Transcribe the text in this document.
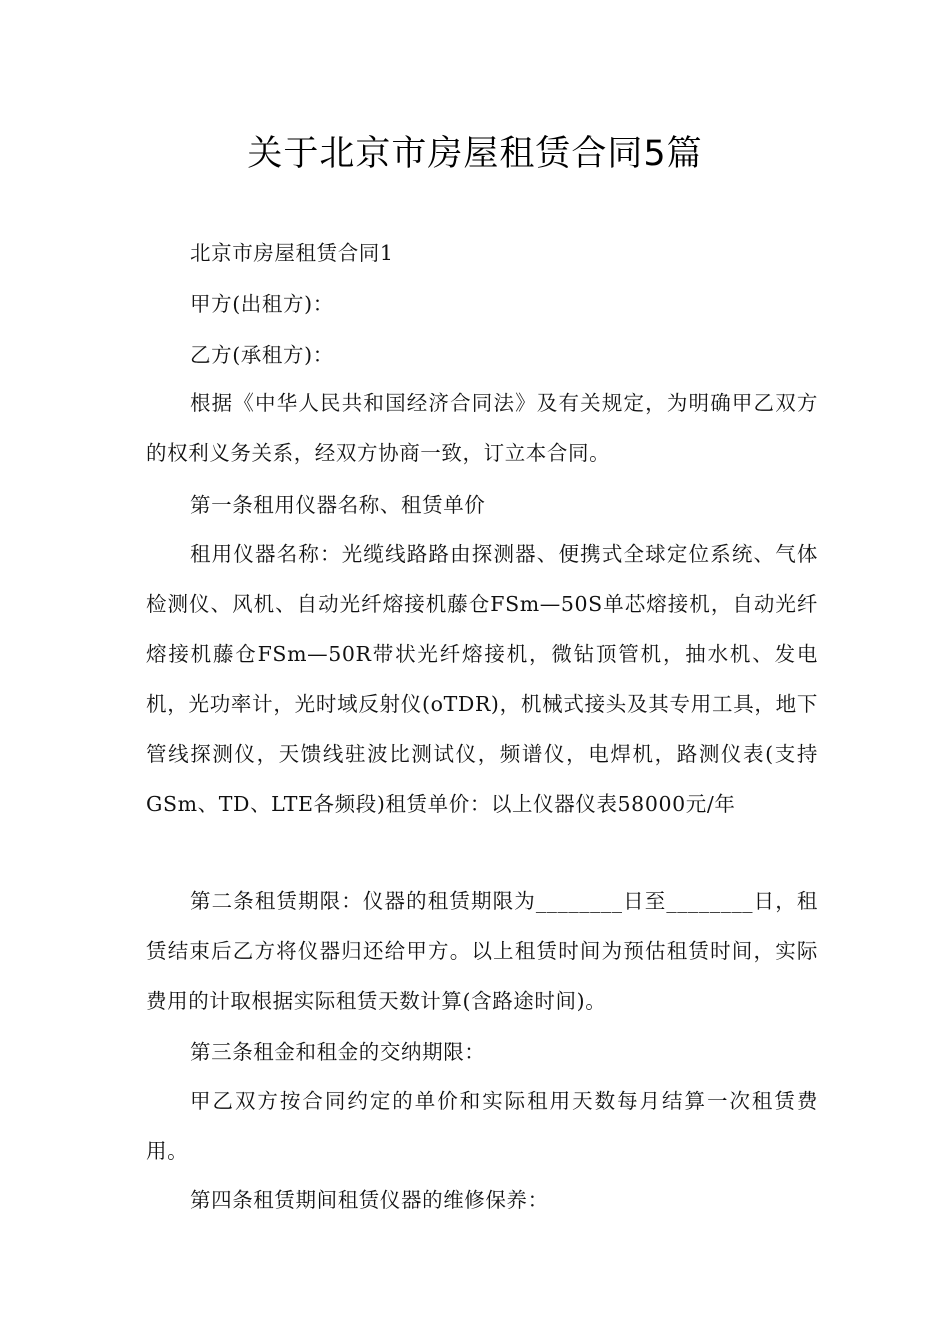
关于北京市房屋租赁合同5篇

北京市房屋租赁合同1

甲方(出租方)：

乙方(承租方)：

根据《中华人民共和国经济合同法》及有关规定，为明确甲乙双方的权利义务关系，经双方协商一致，订立本合同。

第一条租用仪器名称、租赁单价

租用仪器名称：光缆线路路由探测器、便携式全球定位系统、气体检测仪、风机、自动光纤熔接机藤仓FSm—50S单芯熔接机，自动光纤熔接机藤仓FSm—50R带状光纤熔接机，微钻顶管机，抽水机、发电机，光功率计，光时域反射仪(oTDR)，机械式接头及其专用工具，地下管线探测仪，天馈线驻波比测试仪，频谱仪，电焊机，路测仪表(支持GSm、TD、LTE各频段)租赁单价：以上仪器仪表58000元/年

第二条租赁期限：仪器的租赁期限为________日至________日，租赁结束后乙方将仪器归还给甲方。以上租赁时间为预估租赁时间，实际费用的计取根据实际租赁天数计算(含路途时间)。

第三条租金和租金的交纳期限：

甲乙双方按合同约定的单价和实际租用天数每月结算一次租赁费用。

第四条租赁期间租赁仪器的维修保养：
